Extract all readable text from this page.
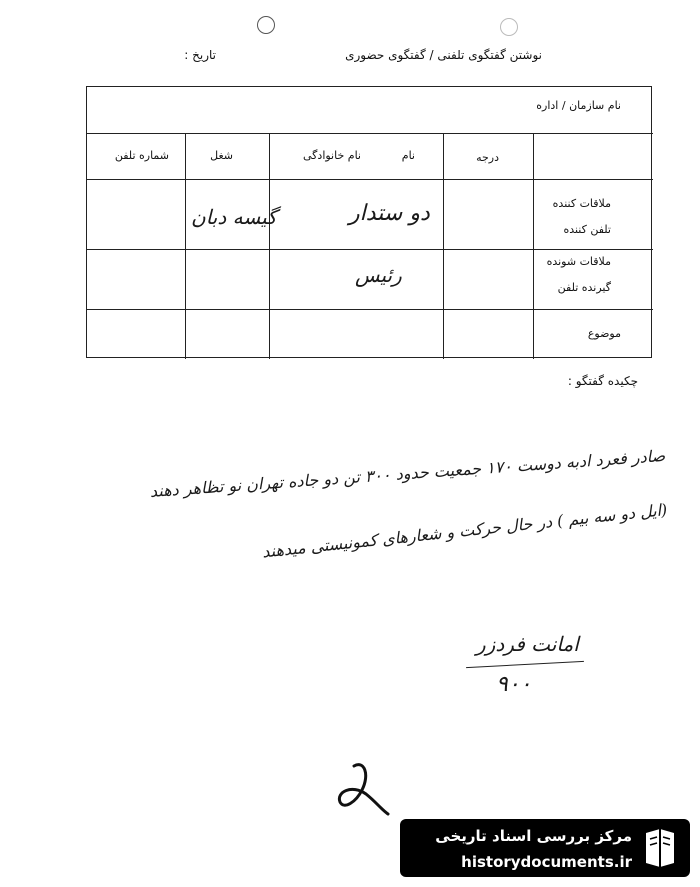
نوشتن گفتگوی تلفنی / گفتگوی حضوری
تاریخ :
نام سازمان / اداره
درجه
نام
نام خانوادگی
شغل
شماره تلفن
ملاقات کننده
تلفن کننده
ملاقات شونده
گیرنده تلفن
موضوع
دو ستدار
گیسه دبان
رئیس
چکیده گفتگو :
صادر فعرد ادبه دوست ۱۷۰ جمعیت حدود ۳۰۰ تن دو جاده تهران نو تظاهر دهند
(ایل دو سه بیم ) در حال حرکت و شعارهای کمونیستی میدهند
امانت فردزر
۹۰۰
مرکز بررسی اسناد تاریخی
historydocuments.ir
